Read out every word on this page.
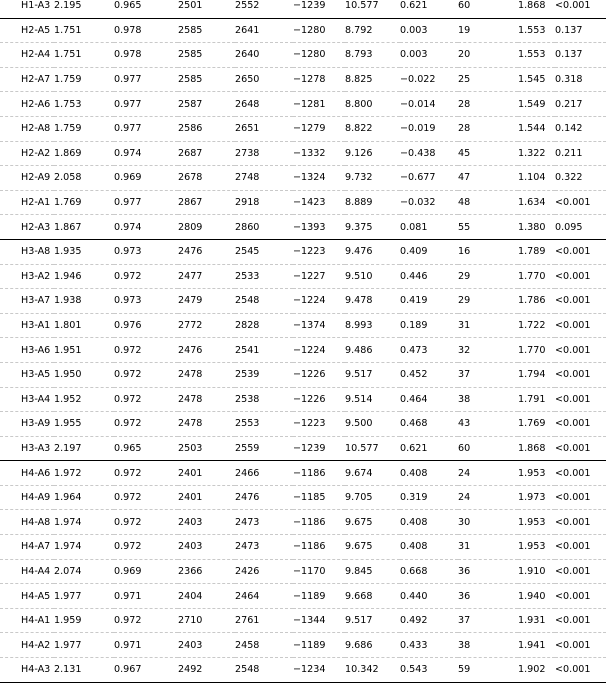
H1-A3	2.195	0.965	2501	2552	−1239	10.577	0.621	60	1.868	<0.001
H2-A5	1.751	0.978	2585	2641	−1280	8.792	0.003	19	1.553	0.137
H2-A4	1.751	0.978	2585	2640	−1280	8.793	0.003	20	1.553	0.137
H2-A7	1.759	0.977	2585	2650	−1278	8.825	−0.022	25	1.545	0.318
H2-A6	1.753	0.977	2587	2648	−1281	8.800	−0.014	28	1.549	0.217
H2-A8	1.759	0.977	2586	2651	−1279	8.822	−0.019	28	1.544	0.142
H2-A2	1.869	0.974	2687	2738	−1332	9.126	−0.438	45	1.322	0.211
H2-A9	2.058	0.969	2678	2748	−1324	9.732	−0.677	47	1.104	0.322
H2-A1	1.769	0.977	2867	2918	−1423	8.889	−0.032	48	1.634	<0.001
H2-A3	1.867	0.974	2809	2860	−1393	9.375	0.081	55	1.380	0.095
H3-A8	1.935	0.973	2476	2545	−1223	9.476	0.409	16	1.789	<0.001
H3-A2	1.946	0.972	2477	2533	−1227	9.510	0.446	29	1.770	<0.001
H3-A7	1.938	0.973	2479	2548	−1224	9.478	0.419	29	1.786	<0.001
H3-A1	1.801	0.976	2772	2828	−1374	8.993	0.189	31	1.722	<0.001
H3-A6	1.951	0.972	2476	2541	−1224	9.486	0.473	32	1.770	<0.001
H3-A5	1.950	0.972	2478	2539	−1226	9.517	0.452	37	1.794	<0.001
H3-A4	1.952	0.972	2478	2538	−1226	9.514	0.464	38	1.791	<0.001
H3-A9	1.955	0.972	2478	2553	−1223	9.500	0.468	43	1.769	<0.001
H3-A3	2.197	0.965	2503	2559	−1239	10.577	0.621	60	1.868	<0.001
H4-A6	1.972	0.972	2401	2466	−1186	9.674	0.408	24	1.953	<0.001
H4-A9	1.964	0.972	2401	2476	−1185	9.705	0.319	24	1.973	<0.001
H4-A8	1.974	0.972	2403	2473	−1186	9.675	0.408	30	1.953	<0.001
H4-A7	1.974	0.972	2403	2473	−1186	9.675	0.408	31	1.953	<0.001
H4-A4	2.074	0.969	2366	2426	−1170	9.845	0.668	36	1.910	<0.001
H4-A5	1.977	0.971	2404	2464	−1189	9.668	0.440	36	1.940	<0.001
H4-A1	1.959	0.972	2710	2761	−1344	9.517	0.492	37	1.931	<0.001
H4-A2	1.977	0.971	2403	2458	−1189	9.686	0.433	38	1.941	<0.001
H4-A3	2.131	0.967	2492	2548	−1234	10.342	0.543	59	1.902	<0.001
